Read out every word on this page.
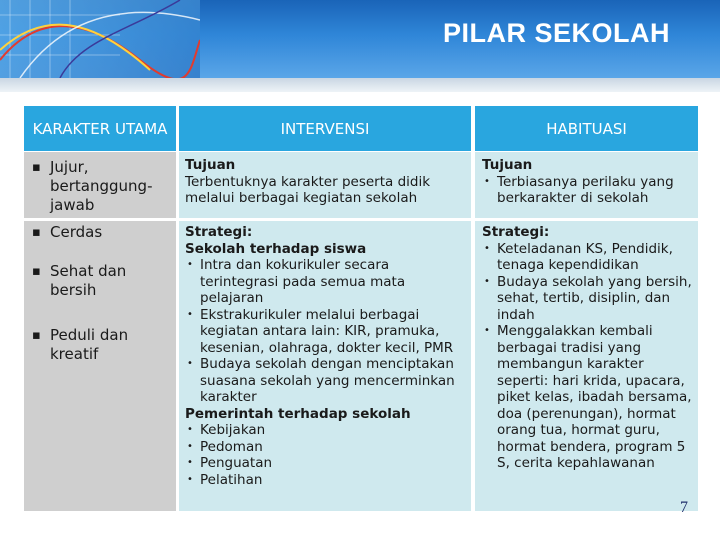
PILAR SEKOLAH
KARAKTER UTAMA	INTERVENSI	HABITUASI
▪ Jujur, bertanggung-jawab
Tujuan
Terbentuknya karakter peserta didik melalui berbagai kegiatan sekolah
Tujuan
• Terbiasanya perilaku yang berkarakter di sekolah
▪ Cerdas
▪ Sehat dan bersih
▪ Peduli dan kreatif
Strategi:
Sekolah terhadap siswa
• Intra dan kokurikuler secara terintegrasi pada semua mata pelajaran
• Ekstrakurikuler melalui berbagai kegiatan antara lain: KIR, pramuka, kesenian, olahraga, dokter kecil, PMR
• Budaya sekolah dengan menciptakan suasana sekolah yang mencerminkan karakter
Pemerintah terhadap sekolah
• Kebijakan
• Pedoman
• Penguatan
• Pelatihan
Strategi:
• Keteladanan KS, Pendidik, tenaga kependidikan
• Budaya sekolah yang bersih, sehat, tertib, disiplin, dan indah
• Menggalakkan kembali berbagai tradisi yang membangun karakter seperti: hari krida, upacara, piket kelas, ibadah bersama, doa (perenungan), hormat orang tua, hormat guru, hormat bendera, program 5 S, cerita kepahlawanan
7
